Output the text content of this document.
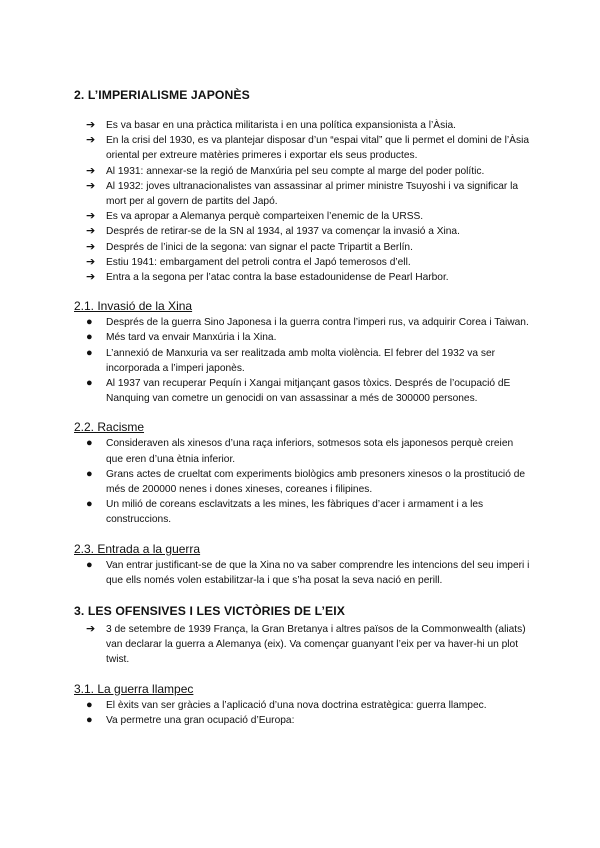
2. L’IMPERIALISME JAPONÈS
➔	Es va basar en una pràctica militarista i en una política expansionista a l’Àsia.
➔	En la crisi del 1930, es va plantejar disposar d’un “espai vital” que li permet el domini de l’Àsia oriental per extreure matèries primeres i exportar els seus productes.
➔	Al 1931: annexar-se la regió de Manxúria pel seu compte al marge del poder polític.
➔	Al 1932: joves ultranacionalistes van assassinar al primer ministre Tsuyoshi i va significar la mort per al govern de partits del Japó.
➔	Es va apropar a Alemanya perquè comparteixen l’enemic de la URSS.
➔	Després de retirar-se de la SN al 1934, al 1937 va començar la invasió a Xina.
➔	Després de l’inici de la segona: van signar el pacte Tripartit a Berlín.
➔	Estiu 1941: embargament del petroli contra el Japó temerosos d’ell.
➔	Entra a la segona per l’atac contra la base estadounidense de Pearl Harbor.
2.1. Invasió de la Xina
●	Després de la guerra Sino Japonesa i la guerra contra l’imperi rus, va adquirir Corea i Taiwan.
●	Més tard va envair Manxúria i la Xina.
●	L’annexió de Manxuria va ser realitzada amb molta violència. El febrer del 1932 va ser incorporada a l’imperi japonès.
●	Al 1937 van recuperar Pequín i Xangai mitjançant gasos tòxics. Després de l’ocupació dE Nanquing van cometre un genocidi on van assassinar a més de 300000 persones.
2.2. Racisme
●	Consideraven als xinesos d’una raça inferiors, sotmesos sota els japonesos perquè creien que eren d’una ètnia inferior.
●	Grans actes de crueltat com experiments biològics amb presoners xinesos o la prostitució de més de 200000 nenes i dones xineses, coreanes i filipines.
●	Un milió de coreans esclavitzats a les mines, les fàbriques d’acer i armament i a les construccions.
2.3. Entrada a la guerra
●	Van entrar justificant-se de que la Xina no va saber comprendre les intencions del seu imperi i que ells només volen estabilitzar-la i que s’ha posat la seva nació en perill.
3. LES OFENSIVES I LES VICTÒRIES DE L’EIX
➔	3 de setembre de 1939 França, la Gran Bretanya i altres països de la Commonwealth (aliats) van declarar la guerra a Alemanya (eix). Va començar guanyant l’eix per va haver-hi un plot twist.
3.1. La guerra llampec
●	El èxits van ser gràcies a l’aplicació d’una nova doctrina estratègica: guerra llampec.
●	Va permetre una gran ocupació d’Europa:
